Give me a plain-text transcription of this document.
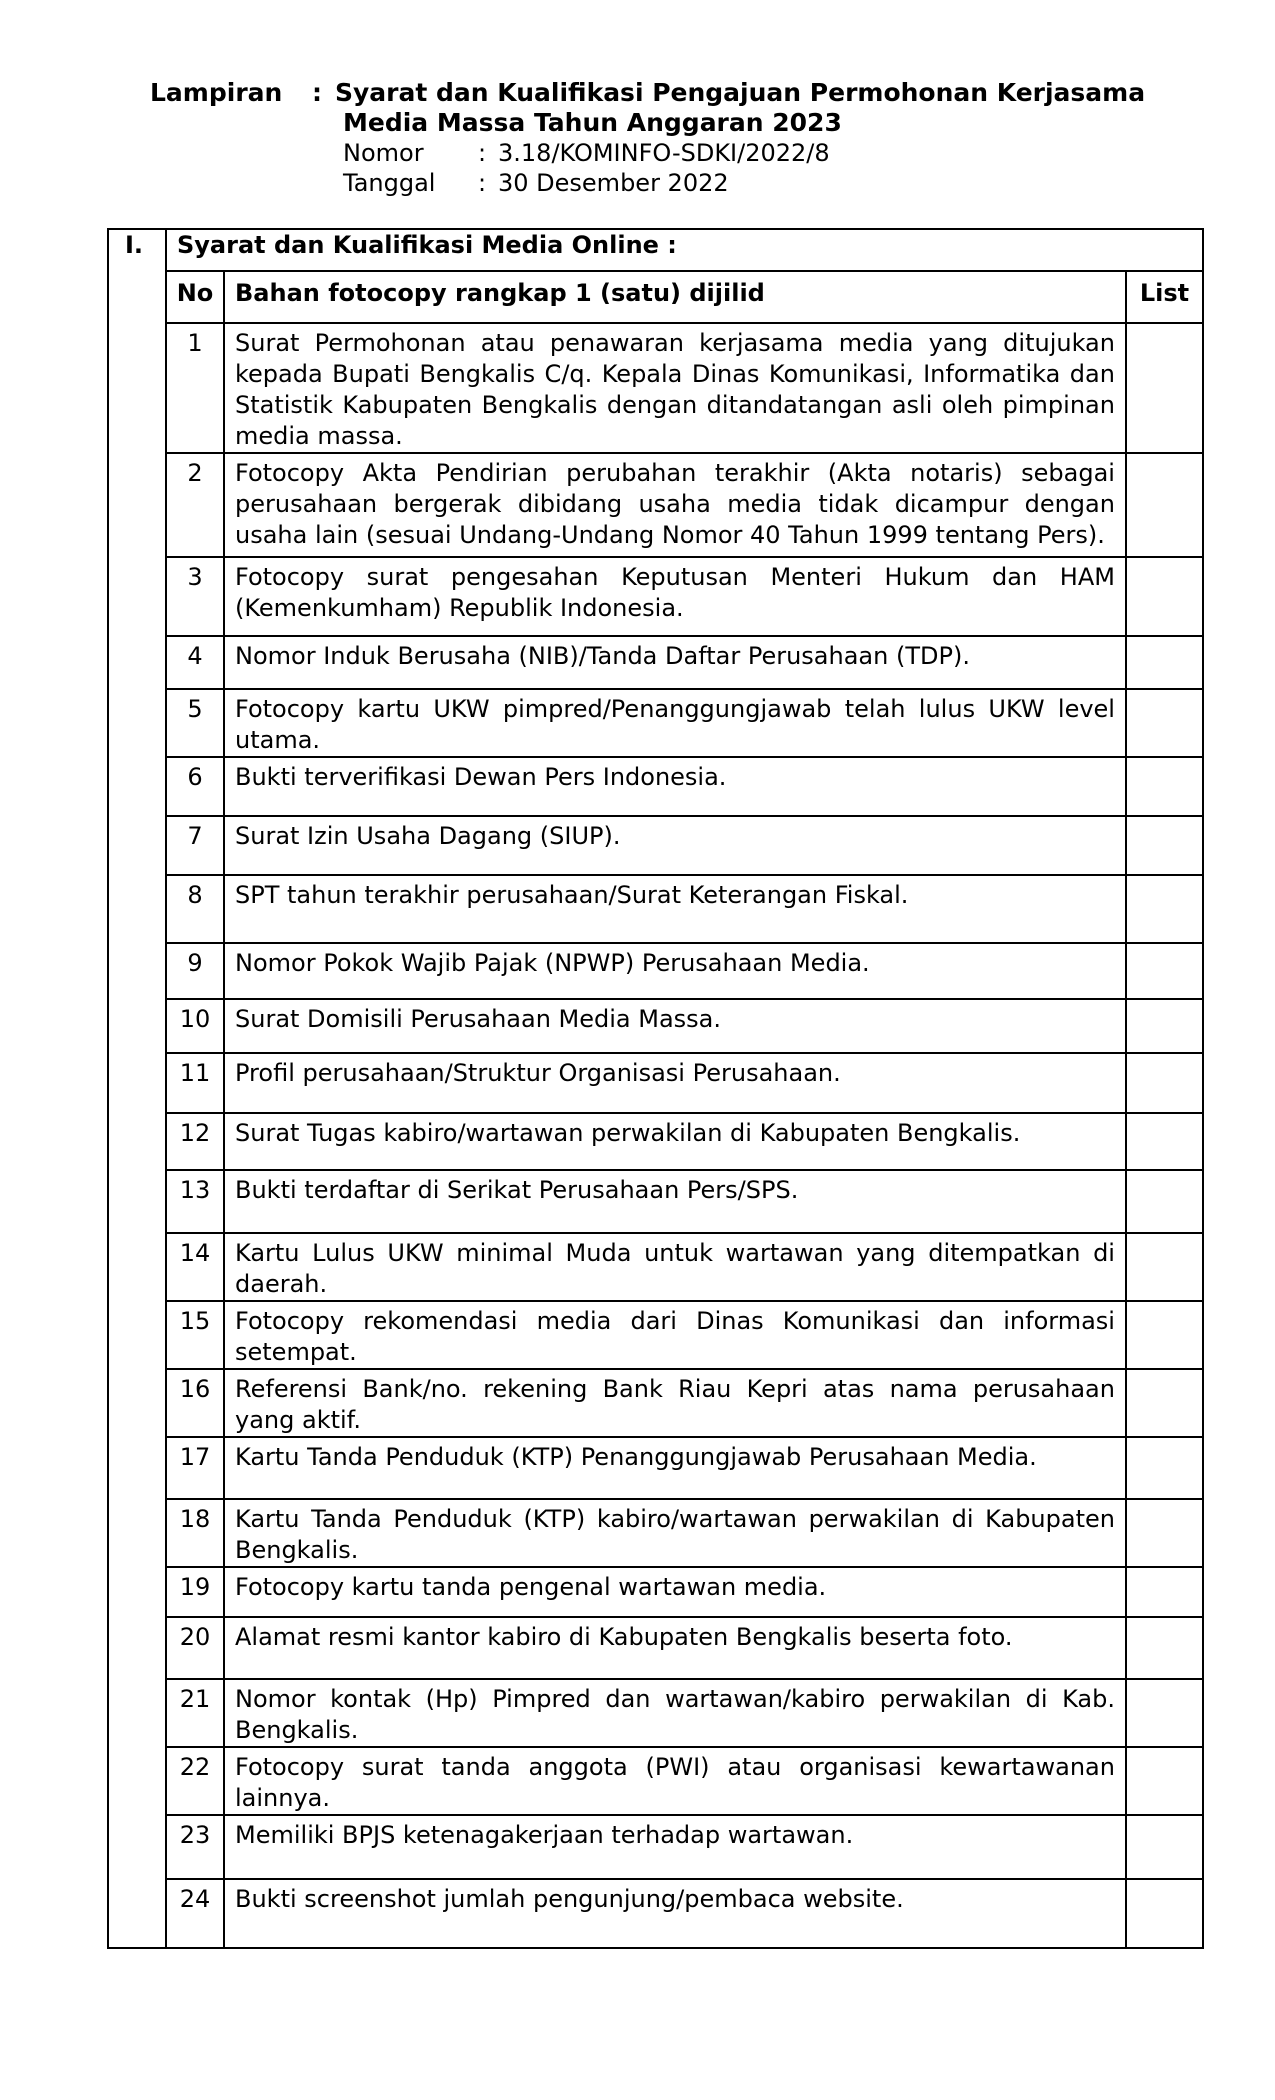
Lampiran : Syarat dan Kualifikasi Pengajuan Permohonan Kerjasama
Media Massa Tahun Anggaran 2023
Nomor : 3.18/KOMINFO-SDKI/2022/8
Tanggal : 30 Desember 2022
I.	Syarat dan Kualifikasi Media Online :		
	No	Bahan fotocopy rangkap 1 (satu) dijilid	List
	1	Surat Permohonan atau penawaran kerjasama media yang ditujukan kepada Bupati Bengkalis C/q. Kepala Dinas Komunikasi, Informatika dan Statistik Kabupaten Bengkalis dengan ditandatangan asli oleh pimpinan media massa.	
	2	Fotocopy Akta Pendirian perubahan terakhir (Akta notaris) sebagai perusahaan bergerak dibidang usaha media tidak dicampur dengan usaha lain (sesuai Undang-Undang Nomor 40 Tahun 1999 tentang Pers).	
	3	Fotocopy surat pengesahan Keputusan Menteri Hukum dan HAM (Kemenkumham) Republik Indonesia.	
	4	Nomor Induk Berusaha (NIB)/Tanda Daftar Perusahaan (TDP).	
	5	Fotocopy kartu UKW pimpred/Penanggungjawab telah lulus UKW level utama.	
	6	Bukti terverifikasi Dewan Pers Indonesia.	
	7	Surat Izin Usaha Dagang (SIUP).	
	8	SPT tahun terakhir perusahaan/Surat Keterangan Fiskal.	
	9	Nomor Pokok Wajib Pajak (NPWP) Perusahaan Media.	
	10	Surat Domisili Perusahaan Media Massa.	
	11	Profil perusahaan/Struktur Organisasi Perusahaan.	
	12	Surat Tugas kabiro/wartawan perwakilan di Kabupaten Bengkalis.	
	13	Bukti terdaftar di Serikat Perusahaan Pers/SPS.	
	14	Kartu Lulus UKW minimal Muda untuk wartawan yang ditempatkan di daerah.	
	15	Fotocopy rekomendasi media dari Dinas Komunikasi dan informasi setempat.	
	16	Referensi Bank/no. rekening Bank Riau Kepri atas nama perusahaan yang aktif.	
	17	Kartu Tanda Penduduk (KTP) Penanggungjawab Perusahaan Media.	
	18	Kartu Tanda Penduduk (KTP) kabiro/wartawan perwakilan di Kabupaten Bengkalis.	
	19	Fotocopy kartu tanda pengenal wartawan media.	
	20	Alamat resmi kantor kabiro di Kabupaten Bengkalis beserta foto.	
	21	Nomor kontak (Hp) Pimpred dan wartawan/kabiro perwakilan di Kab. Bengkalis.	
	22	Fotocopy surat tanda anggota (PWI) atau organisasi kewartawanan lainnya.	
	23	Memiliki BPJS ketenagakerjaan terhadap wartawan.	
	24	Bukti screenshot jumlah pengunjung/pembaca website.	
